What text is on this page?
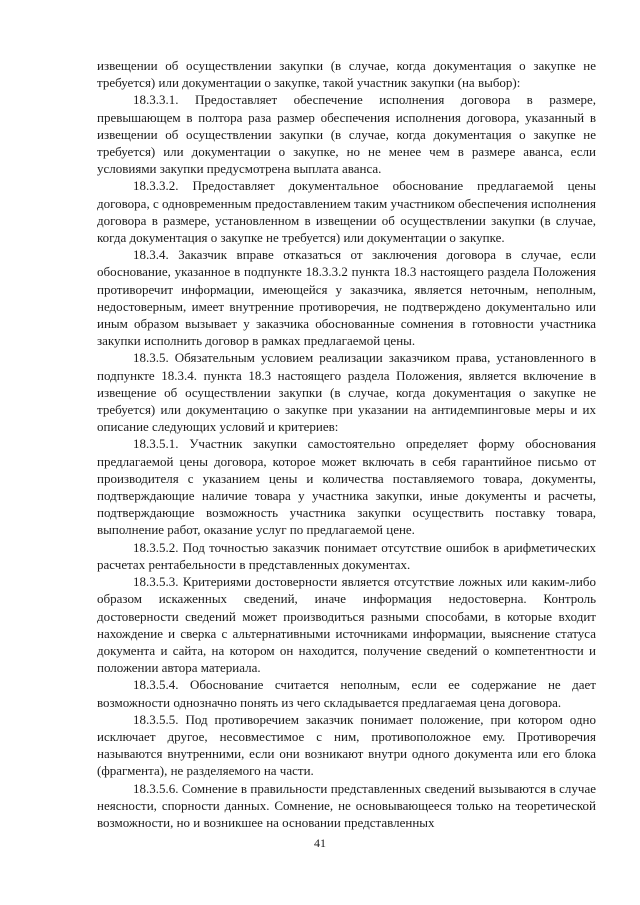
извещении об осуществлении закупки (в случае, когда документация о закупке не требуется) или документации о закупке, такой участник закупки (на выбор):

18.3.3.1. Предоставляет обеспечение исполнения договора в размере, превышающем в полтора раза размер обеспечения исполнения договора, указанный в извещении об осуществлении закупки (в случае, когда документация о закупке не требуется) или документации о закупке, но не менее чем в размере аванса, если условиями закупки предусмотрена выплата аванса.

18.3.3.2. Предоставляет документальное обоснование предлагаемой цены договора, с одновременным предоставлением таким участником обеспечения исполнения договора в размере, установленном в извещении об осуществлении закупки (в случае, когда документация о закупке не требуется) или документации о закупке.

18.3.4. Заказчик вправе отказаться от заключения договора в случае, если обоснование, указанное в подпункте 18.3.3.2 пункта 18.3 настоящего раздела Положения противоречит информации, имеющейся у заказчика, является неточным, неполным, недостоверным, имеет внутренние противоречия, не подтверждено документально или иным образом вызывает у заказчика обоснованные сомнения в готовности участника закупки исполнить договор в рамках предлагаемой цены.

18.3.5. Обязательным условием реализации заказчиком права, установленного в подпункте 18.3.4. пункта 18.3 настоящего раздела Положения, является включение в извещение об осуществлении закупки (в случае, когда документация о закупке не требуется) или документацию о закупке при указании на антидемпинговые меры и их описание следующих условий и критериев:

18.3.5.1. Участник закупки самостоятельно определяет форму обоснования предлагаемой цены договора, которое может включать в себя гарантийное письмо от производителя с указанием цены и количества поставляемого товара, документы, подтверждающие наличие товара у участника закупки, иные документы и расчеты, подтверждающие возможность участника закупки осуществить поставку товара, выполнение работ, оказание услуг по предлагаемой цене.

18.3.5.2. Под точностью заказчик понимает отсутствие ошибок в арифметических расчетах рентабельности в представленных документах.

18.3.5.3. Критериями достоверности является отсутствие ложных или каким-либо образом искаженных сведений, иначе информация недостоверна. Контроль достоверности сведений может производиться разными способами, в которые входит нахождение и сверка с альтернативными источниками информации, выяснение статуса документа и сайта, на котором он находится, получение сведений о компетентности и положении автора материала.

18.3.5.4. Обоснование считается неполным, если ее содержание не дает возможности однозначно понять из чего складывается предлагаемая цена договора.

18.3.5.5. Под противоречием заказчик понимает положение, при котором одно исключает другое, несовместимое с ним, противоположное ему. Противоречия называются внутренними, если они возникают внутри одного документа или его блока (фрагмента), не разделяемого на части.

18.3.5.6. Сомнение в правильности представленных сведений вызываются в случае неясности, спорности данных. Сомнение, не основывающееся только на теоретической возможности, но и возникшее на основании представленных

41
